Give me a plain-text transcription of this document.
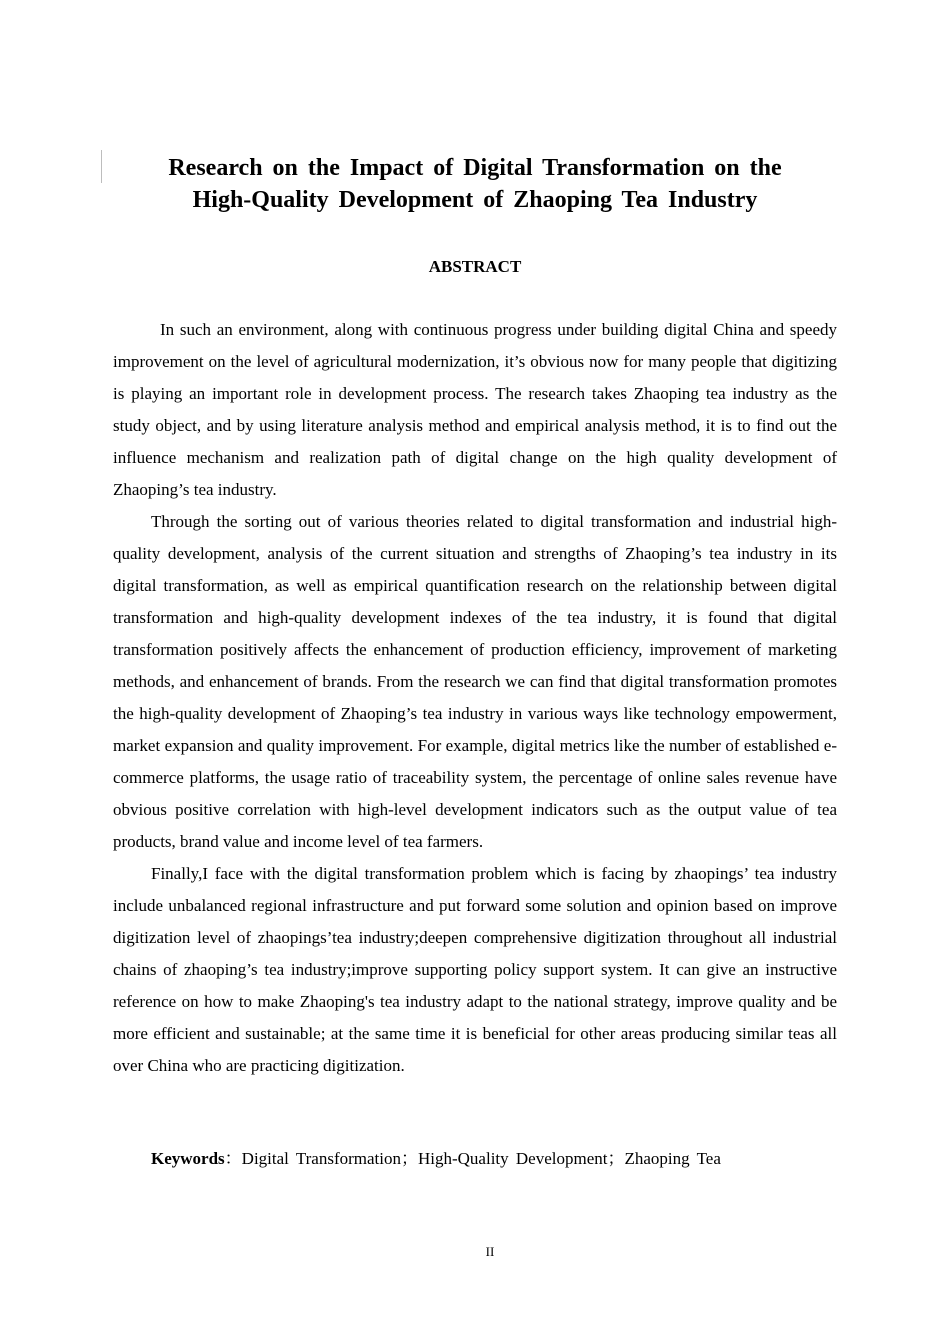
Research on the Impact of Digital Transformation on the
High-Quality Development of Zhaoping Tea Industry
ABSTRACT

In such an environment, along with continuous progress under building digital China and speedy improvement on the level of agricultural modernization, it’s obvious now for many people that digitizing is playing an important role in development process. The research takes Zhaoping tea industry as the study object, and by using literature analysis method and empirical analysis method, it is to find out the influence mechanism and realization path of digital change on the high quality development of Zhaoping’s tea industry.

Through the sorting out of various theories related to digital transformation and industrial high-quality development, analysis of the current situation and strengths of Zhaoping’s tea industry in its digital transformation, as well as empirical quantification research on the relationship between digital transformation and high-quality development indexes of the tea industry, it is found that digital transformation positively affects the enhancement of production efficiency, improvement of marketing methods, and enhancement of brands. From the research we can find that digital transformation promotes the high-quality development of Zhaoping’s tea industry in various ways like technology empowerment, market expansion and quality improvement. For example, digital metrics like the number of established e-commerce platforms, the usage ratio of traceability system, the percentage of online sales revenue have obvious positive correlation with high-level development indicators such as the output value of tea products, brand value and income level of tea farmers.

Finally,I face with the digital transformation problem which is facing by zhaopings’ tea industry include unbalanced regional infrastructure and put forward some solution and opinion based on improve digitization level of zhaopings’tea industry;deepen comprehensive digitization throughout all industrial chains of zhaoping’s tea industry;improve supporting policy support system. It can give an instructive reference on how to make Zhaoping's tea industry adapt to the national strategy, improve quality and be more efficient and sustainable; at the same time it is beneficial for other areas producing similar teas all over China who are practicing digitization.

Keywords：Digital Transformation；High-Quality Development；Zhaoping Tea
II
